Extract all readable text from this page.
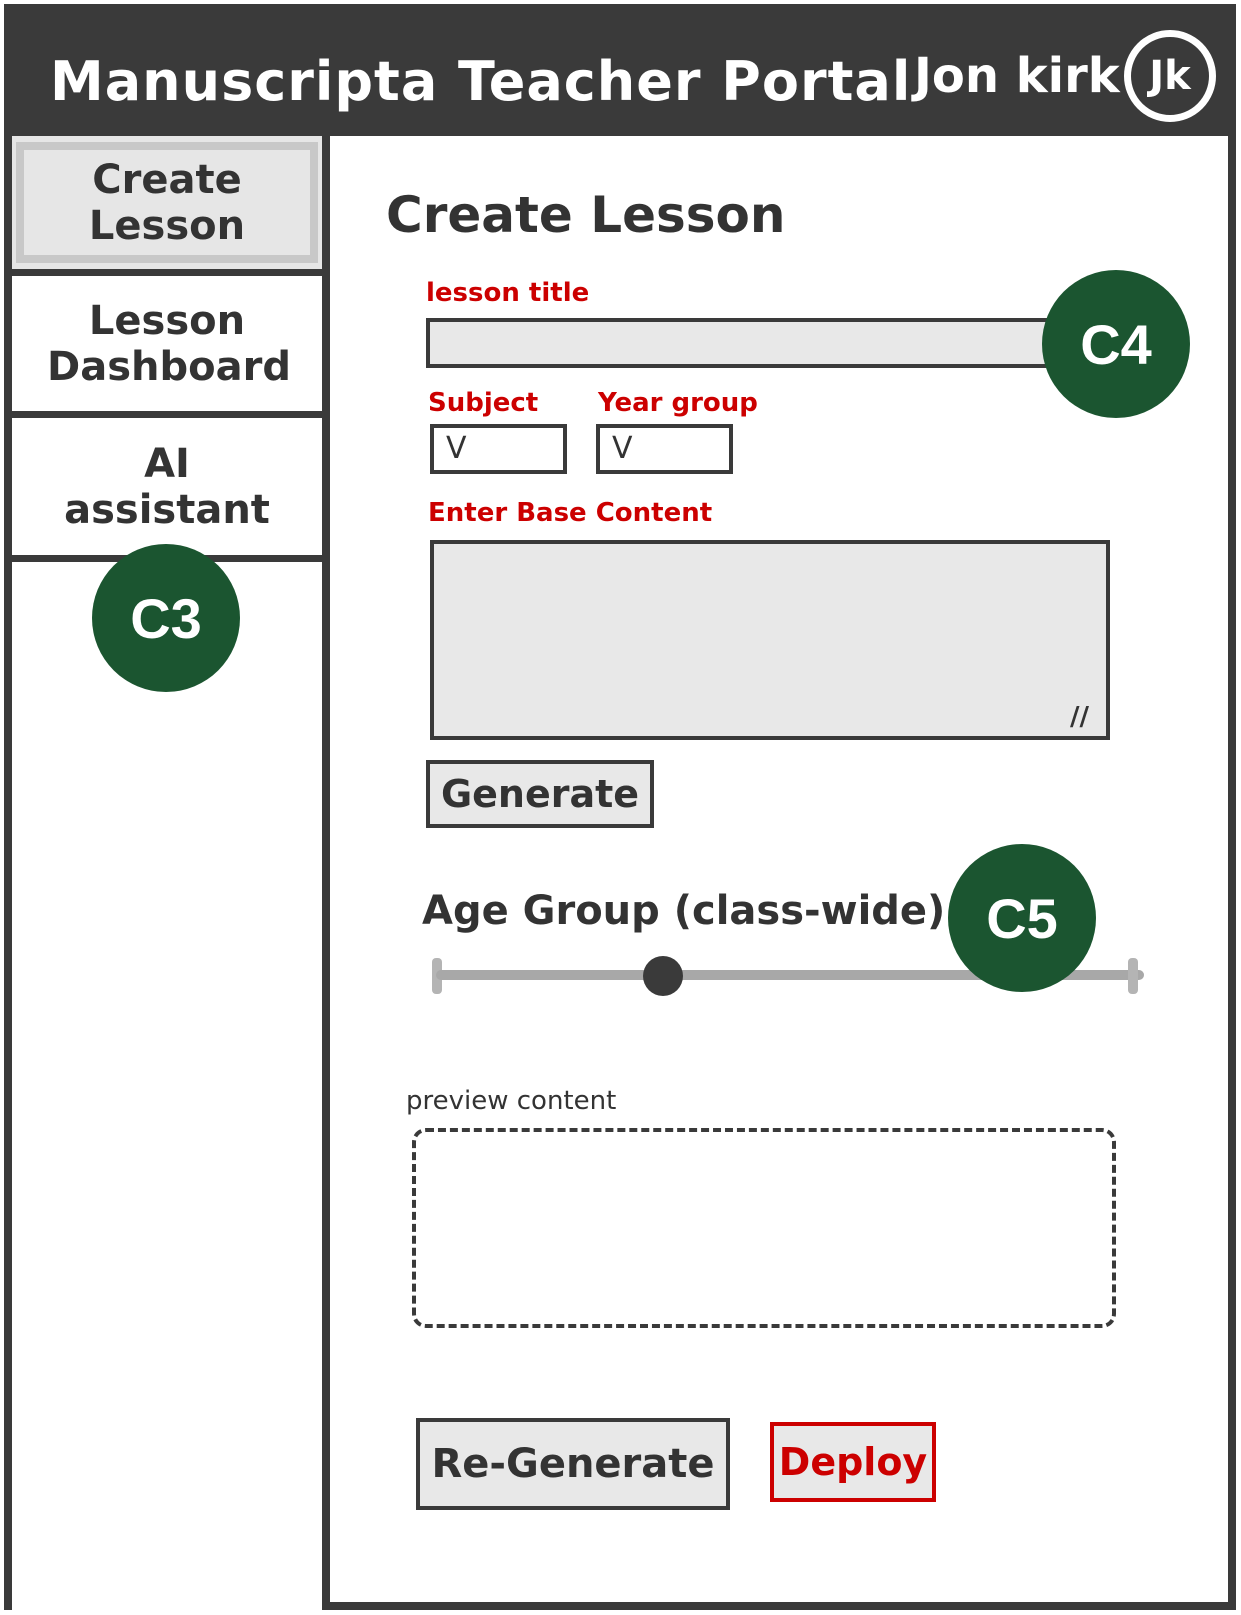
Manuscripta Teacher Portal Jon kirk Jk
Create Lesson
Lesson Dashboard
AI assistant
C3
Create Lesson
lesson title
C4
Subject
V
Year group
V
Enter Base Content
//
Generate
Age Group (class-wide) C5
preview content
Re-Generate	Deploy
